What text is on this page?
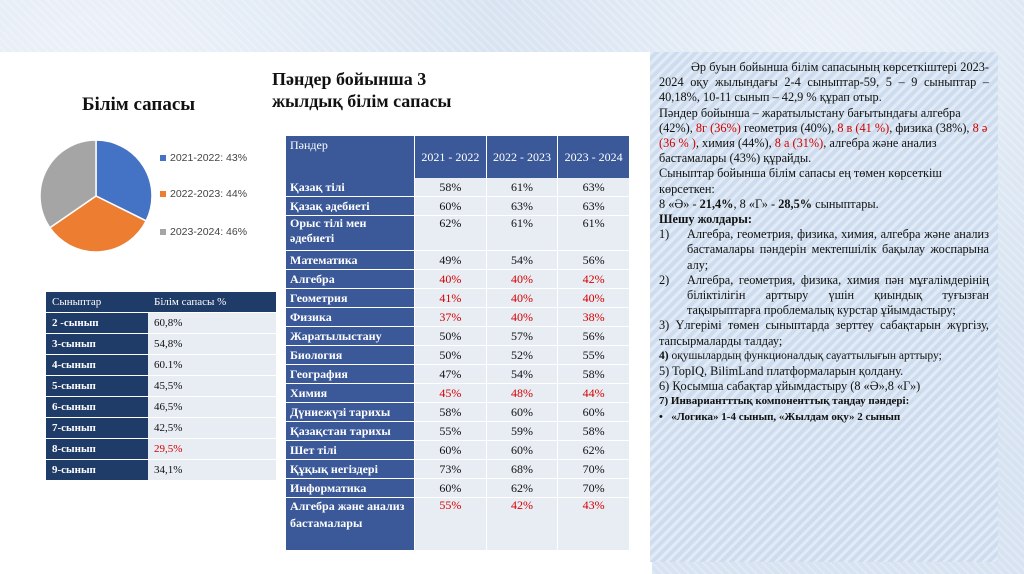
Білім сапасы
Пәндер бойынша 3 жылдық білім сапасы
2021-2022: 43%
2022-2023: 44%
2023-2024: 46%
Сыныптар	Білім сапасы %
2 -сынып	60,8%
3-сынып	54,8%
4-сынып	60.1%
5-сынып	45,5%
6-сынып	46,5%
7-сынып	42,5%
8-сынып	29,5%
9-сынып	34,1%
Пәндер	2021 - 2022	2022 - 2023	2023 - 2024
Қазақ тілі	58%	61%	63%
Қазақ әдебиеті	60%	63%	63%
Орыс тілі мен әдебиеті	62%	61%	61%
Математика	49%	54%	56%
Алгебра	40%	40%	42%
Геометрия	41%	40%	40%
Физика	37%	40%	38%
Жаратылыстану	50%	57%	56%
Биология	50%	52%	55%
География	47%	54%	58%
Химия	45%	48%	44%
Дүниежүзі тарихы	58%	60%	60%
Қазақстан тарихы	55%	59%	58%
Шет тілі	60%	60%	62%
Құқық негіздері	73%	68%	70%
Информатика	60%	62%	70%
Алгебра және анализ бастамалары	55%	42%	43%

Әр буын бойынша білім сапасының көрсеткіштері 2023-2024 оқу жылындағы 2-4 сыныптар-59, 5 – 9 сыныптар – 40,18%, 10-11 сынып – 42,9 % құрап отыр.

Пәндер бойынша – жаратылыстану бағытындағы алгебра (42%), 8г (36%) геометрия (40%), 8 в (41 %), физика (38%), 8 ә (36 % ), химия (44%), 8 а (31%), алгебра және анализ бастамалары (43%) құрайды.

Сыныптар бойынша білім сапасы ең төмен көрсеткіш көрсеткен:

8 «Ә» - 21,4%, 8 «Г» - 28,5% сыныптары.

Шешу жолдары:

1)	Алгебра, геометрия, физика, химия, алгебра және анализ бастамалары пәндерін мектепшілік бақылау жоспарына алу;
2)	Алгебра, геометрия, физика, химия пән мұғалімдерінің біліктілігін арттыру үшін қиындық туғызған тақырыптарға проблемалық курстар ұйымдастыру;

3) Үлгерімі төмен сыныптарда зерттеу сабақтарын жүргізу, тапсырмаларды талдау;

4) оқушылардың функционалдық сауаттылығын арттыру;

5) TopIQ, BilimLand платформаларын қолдану.

6) Қосымша сабақтар ұйымдастыру (8 «Ә»,8 «Г»)

7) Инвариантттық компоненттық таңдау пәндері:

• «Логика» 1-4 сынып, «Жылдам оқу» 2 сынып
